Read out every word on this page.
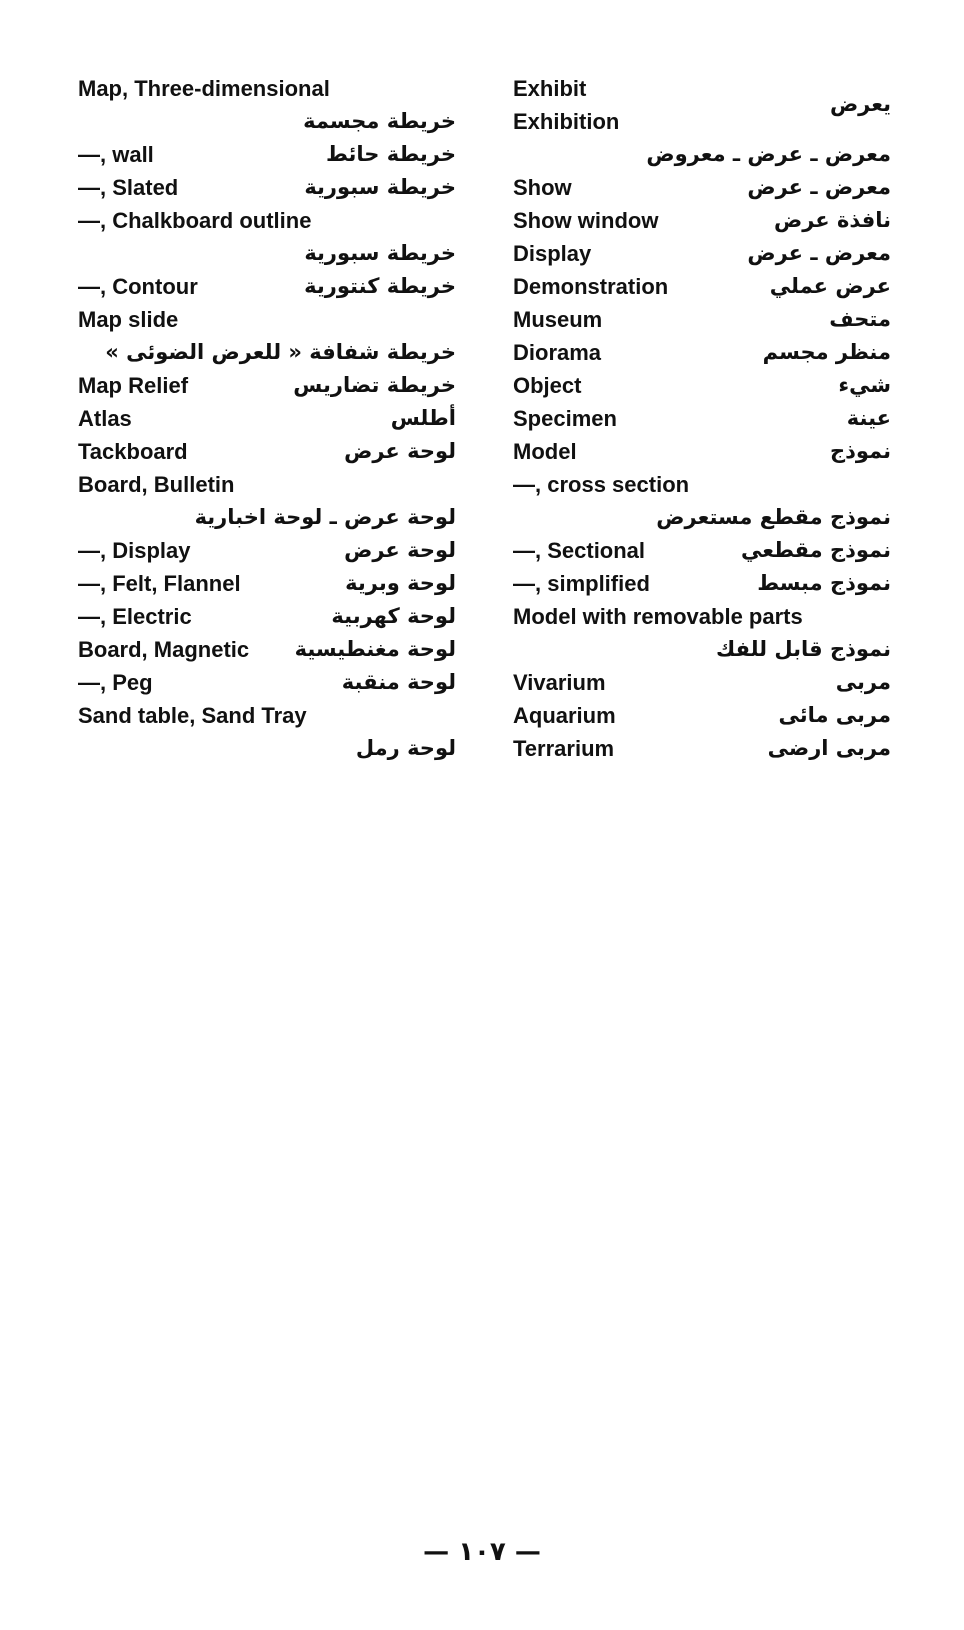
Map, Three-dimensional
خريطة مجسمة
—, wall	خريطة حائط
—, Slated	خريطة سبورية
—, Chalkboard outline
خريطة سبورية
—, Contour	خريطة كنتورية
Map slide
خريطة شفافة « للعرض الضوئى »
Map Relief	خريطة تضاريس
Atlas	أطلس
Tackboard	لوحة عرض
Board, Bulletin
لوحة عرض ـ لوحة اخبارية
—, Display	لوحة عرض
—, Felt, Flannel	لوحة وبرية
—, Electric	لوحة كهربية
Board, Magnetic لوحة مغنطيسية
—, Peg	لوحة منقبة
Sand table, Sand Tray
لوحة رمل
Exhibit
Exhibition
يعرض
معرض ـ عرض ـ معروض
Show	معرض ـ عرض
Show window	نافذة عرض
Display	معرض ـ عرض
Demonstration	عرض عملي
Museum	متحف
Diorama	منظر مجسم
Object	شيء
Specimen	عينة
Model	نموذج
—, cross section
نموذج مقطع مستعرض
—, Sectional	نموذج مقطعي
—, simplified	نموذج مبسط
Model with removable parts
نموذج قابل للفك
Vivarium	مربى
Aquarium	مربى مائى
Terrarium	مربى ارضى
— ١٠٧ —
